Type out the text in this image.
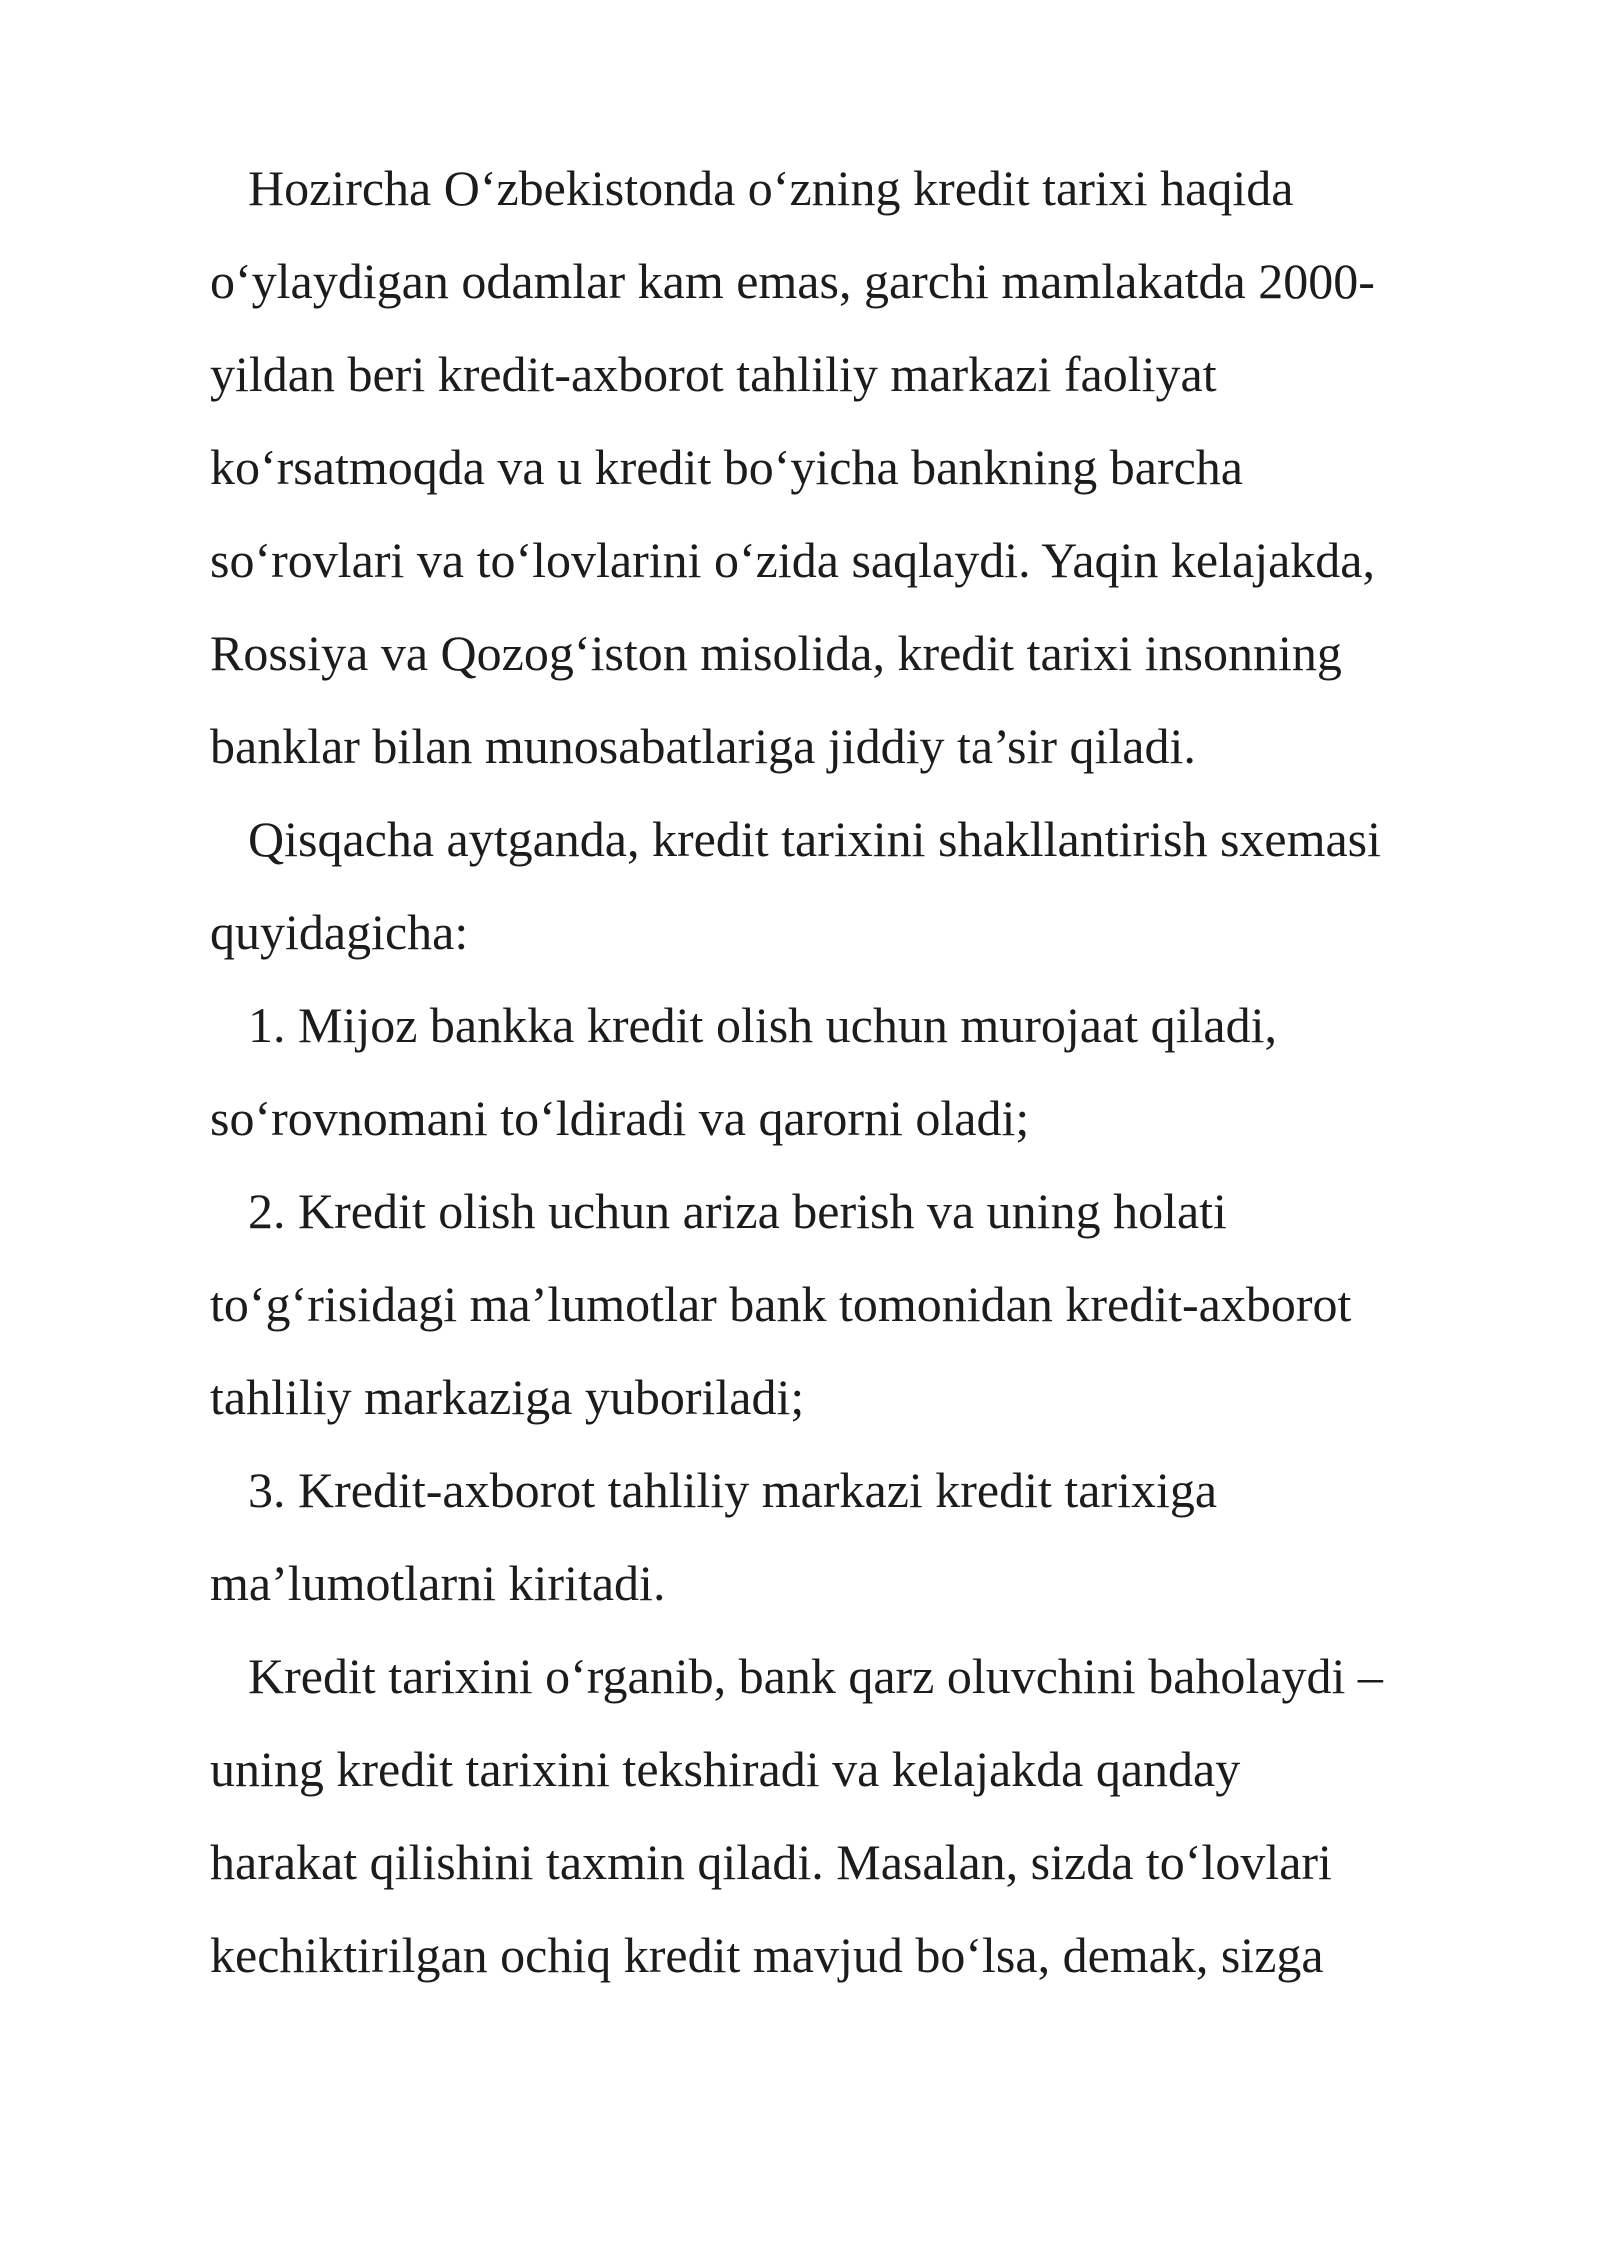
Hozircha O‘zbekistonda o‘zning kredit tarixi haqida
o‘ylaydigan odamlar kam emas, garchi mamlakatda 2000-
yildan beri kredit-axborot tahliliy markazi faoliyat
ko‘rsatmoqda va u kredit bo‘yicha bankning barcha
so‘rovlari va to‘lovlarini o‘zida saqlaydi. Yaqin kelajakda,
Rossiya va Qozog‘iston misolida, kredit tarixi insonning
banklar bilan munosabatlariga jiddiy ta’sir qiladi.

Qisqacha aytganda, kredit tarixini shakllantirish sxemasi
quyidagicha:

1. Mijoz bankka kredit olish uchun murojaat qiladi,
so‘rovnomani to‘ldiradi va qarorni oladi;

2. Kredit olish uchun ariza berish va uning holati
to‘g‘risidagi ma’lumotlar bank tomonidan kredit-axborot
tahliliy markaziga yuboriladi;

3. Kredit-axborot tahliliy markazi kredit tarixiga
ma’lumotlarni kiritadi.

Kredit tarixini o‘rganib, bank qarz oluvchini baholaydi –
uning kredit tarixini tekshiradi va kelajakda qanday
harakat qilishini taxmin qiladi. Masalan, sizda to‘lovlari
kechiktirilgan ochiq kredit mavjud bo‘lsa, demak, sizga
